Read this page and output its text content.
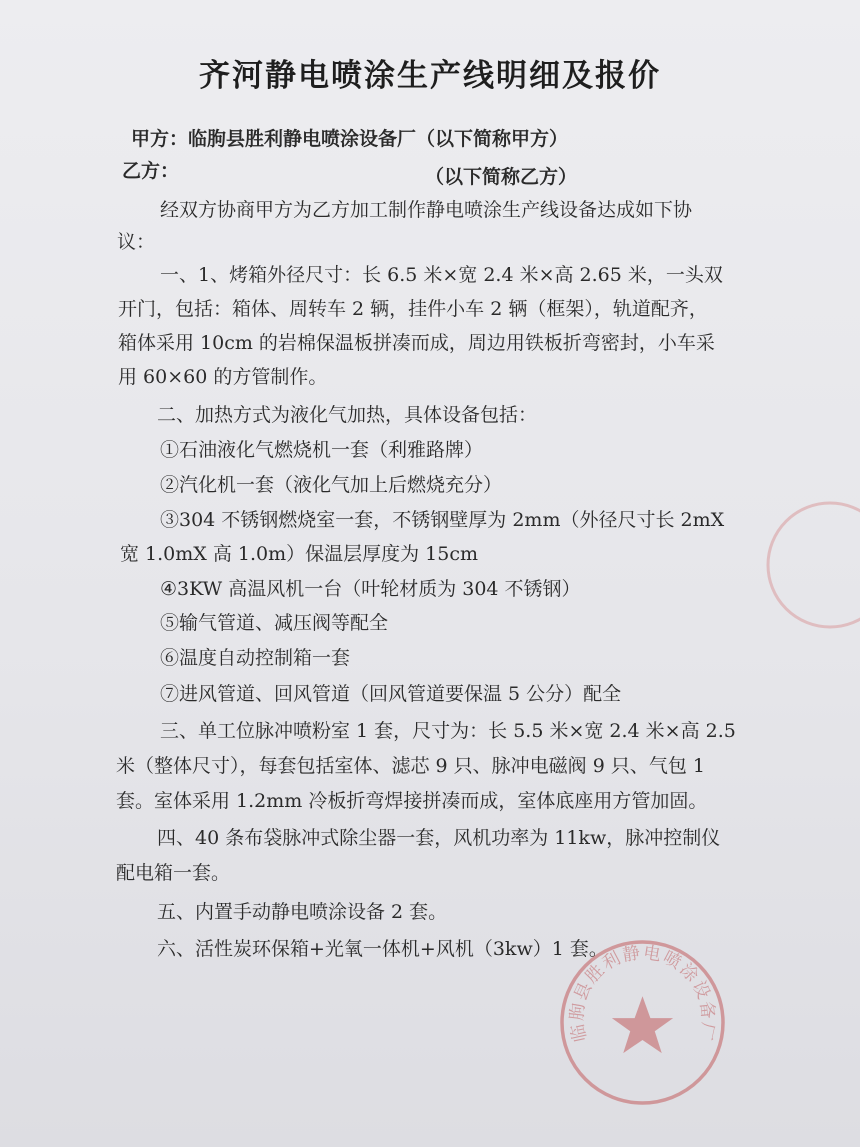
齐河静电喷涂生产线明细及报价
甲方：临朐县胜利静电喷涂设备厂（以下简称甲方）
乙方：	（以下简称乙方）
经双方协商甲方为乙方加工制作静电喷涂生产线设备达成如下协
议：
一、1、烤箱外径尺寸：长 6.5 米×宽 2.4 米×高 2.65 米，一头双
开门，包括：箱体、周转车 2 辆，挂件小车 2 辆（框架），轨道配齐，
箱体采用 10cm 的岩棉保温板拼凑而成，周边用铁板折弯密封，小车采
用 60×60 的方管制作。
二、加热方式为液化气加热，具体设备包括：
①石油液化气燃烧机一套（利雅路牌）
②汽化机一套（液化气加上后燃烧充分）
③304 不锈钢燃烧室一套，不锈钢壁厚为 2mm（外径尺寸长 2mX
宽 1.0mX 高 1.0m）保温层厚度为 15cm
④3KW 高温风机一台（叶轮材质为 304 不锈钢）
⑤输气管道、减压阀等配全
⑥温度自动控制箱一套
⑦进风管道、回风管道（回风管道要保温 5 公分）配全
三、单工位脉冲喷粉室 1 套，尺寸为：长 5.5 米×宽 2.4 米×高 2.5
米（整体尺寸），每套包括室体、滤芯 9 只、脉冲电磁阀 9 只、气包 1
套。室体采用 1.2mm 冷板折弯焊接拼凑而成，室体底座用方管加固。
四、40 条布袋脉冲式除尘器一套，风机功率为 11kw，脉冲控制仪
配电箱一套。
五、内置手动静电喷涂设备 2 套。
六、活性炭环保箱+光氧一体机+风机（3kw）1 套。
临朐县胜利静电喷涂设备厂
